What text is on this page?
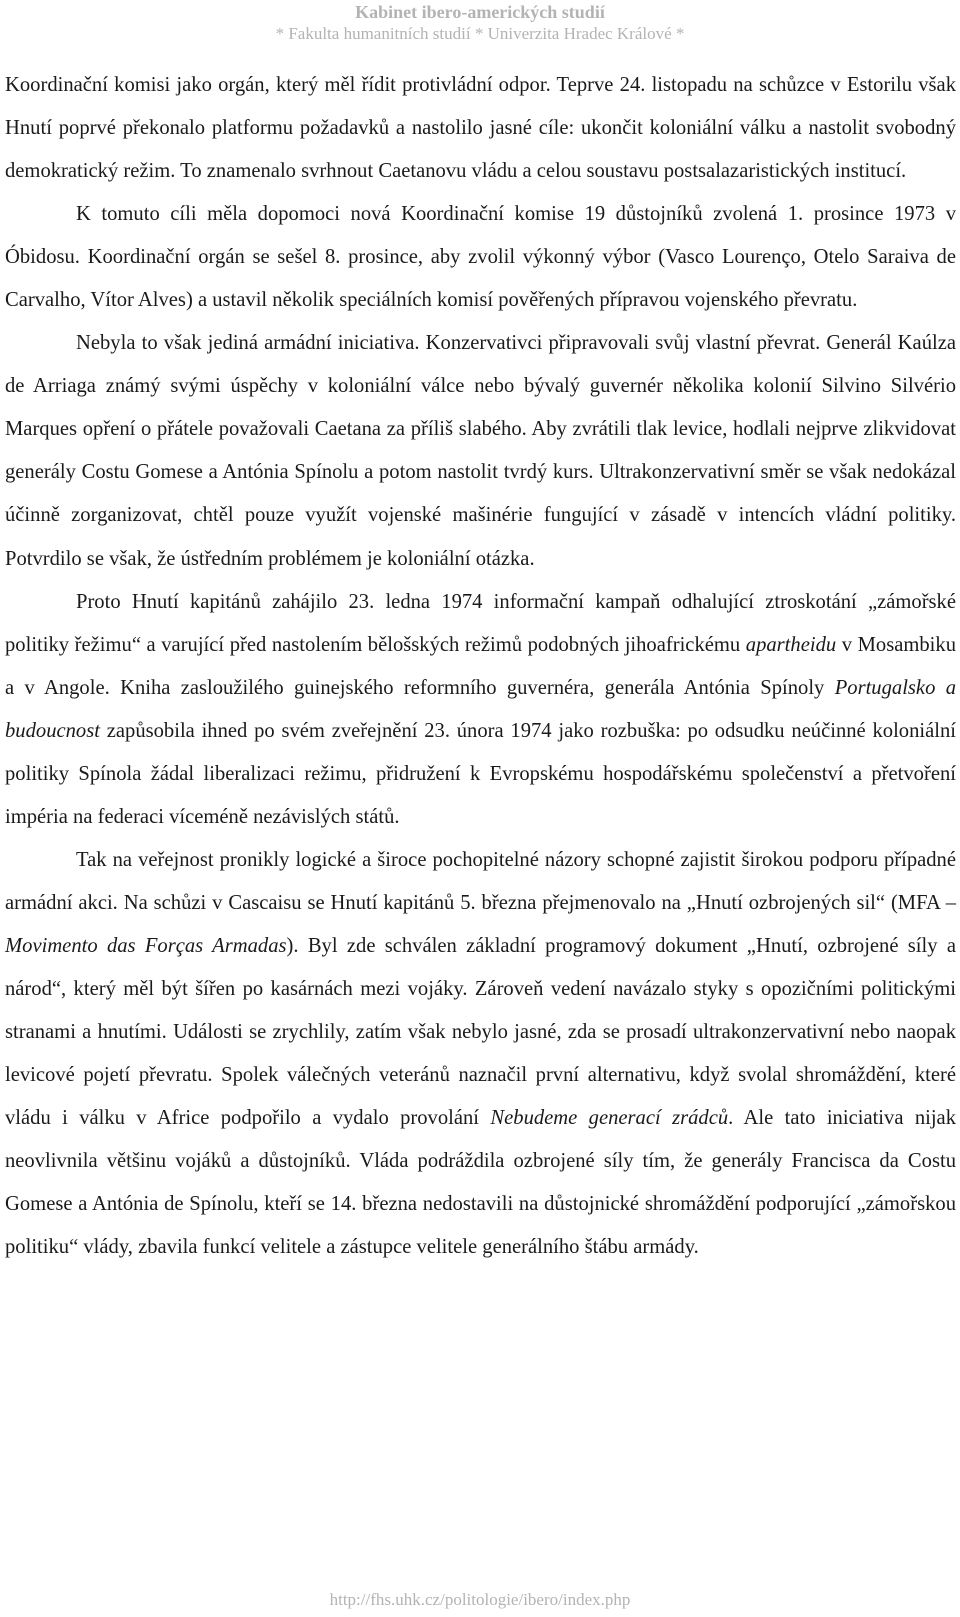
Kabinet ibero-amerických studií
* Fakulta humanitních studií * Univerzita Hradec Králové *

Koordinační komisi jako orgán, který měl řídit protivládní odpor. Teprve 24. listopadu na schůzce v Estorilu však Hnutí poprvé překonalo platformu požadavků a nastolilo jasné cíle: ukončit koloniální válku a nastolit svobodný demokratický režim. To znamenalo svrhnout Caetanovu vládu a celou soustavu postsalazaristických institucí.

K tomuto cíli měla dopomoci nová Koordinační komise 19 důstojníků zvolená 1. prosince 1973 v Óbidosu. Koordinační orgán se sešel 8. prosince, aby zvolil výkonný výbor (Vasco Lourenço, Otelo Saraiva de Carvalho, Vítor Alves) a ustavil několik speciálních komisí pověřených přípravou vojenského převratu.

Nebyla to však jediná armádní iniciativa. Konzervativci připravovali svůj vlastní převrat. Generál Kaúlza de Arriaga známý svými úspěchy v koloniální válce nebo bývalý guvernér několika kolonií Silvino Silvério Marques opření o přátele považovali Caetana za příliš slabého. Aby zvrátili tlak levice, hodlali nejprve zlikvidovat generály Costu Gomese a Antónia Spínolu a potom nastolit tvrdý kurs. Ultrakonzervativní směr se však nedokázal účinně zorganizovat, chtěl pouze využít vojenské mašinérie fungující v zásadě v intencích vládní politiky. Potvrdilo se však, že ústředním problémem je koloniální otázka.

Proto Hnutí kapitánů zahájilo 23. ledna 1974 informační kampaň odhalující ztroskotání „zámořské politiky řežimu“ a varující před nastolením bělošských režimů podobných jihoafrickému apartheidu v Mosambiku a v Angole. Kniha zasloužilého guinejského reformního guvernéra, generála Antónia Spínoly Portugalsko a budoucnost zapůsobila ihned po svém zveřejnění 23. února 1974 jako rozbuška: po odsudku neúčinné koloniální politiky Spínola žádal liberalizaci režimu, přidružení k Evropskému hospodářskému společenství a přetvoření impéria na federaci víceméně nezávislých států.

Tak na veřejnost pronikly logické a široce pochopitelné názory schopné zajistit širokou podporu případné armádní akci. Na schůzi v Cascaisu se Hnutí kapitánů 5. března přejmenovalo na „Hnutí ozbrojených sil“ (MFA – Movimento das Forças Armadas). Byl zde schválen základní programový dokument „Hnutí, ozbrojené síly a národ“, který měl být šířen po kasárnách mezi vojáky. Zároveň vedení navázalo styky s opozičními politickými stranami a hnutími. Události se zrychlily, zatím však nebylo jasné, zda se prosadí ultrakonzervativní nebo naopak levicové pojetí převratu. Spolek válečných veteránů naznačil první alternativu, když svolal shromáždění, které vládu i válku v Africe podpořilo a vydalo provolání Nebudeme generací zrádců. Ale tato iniciativa nijak neovlivnila většinu vojáků a důstojníků. Vláda podráždila ozbrojené síly tím, že generály Francisca da Costu Gomese a Antónia de Spínolu, kteří se 14. března nedostavili na důstojnické shromáždění podporující „zámořskou politiku“ vlády, zbavila funkcí velitele a zástupce velitele generálního štábu armády.

http://fhs.uhk.cz/politologie/ibero/index.php
